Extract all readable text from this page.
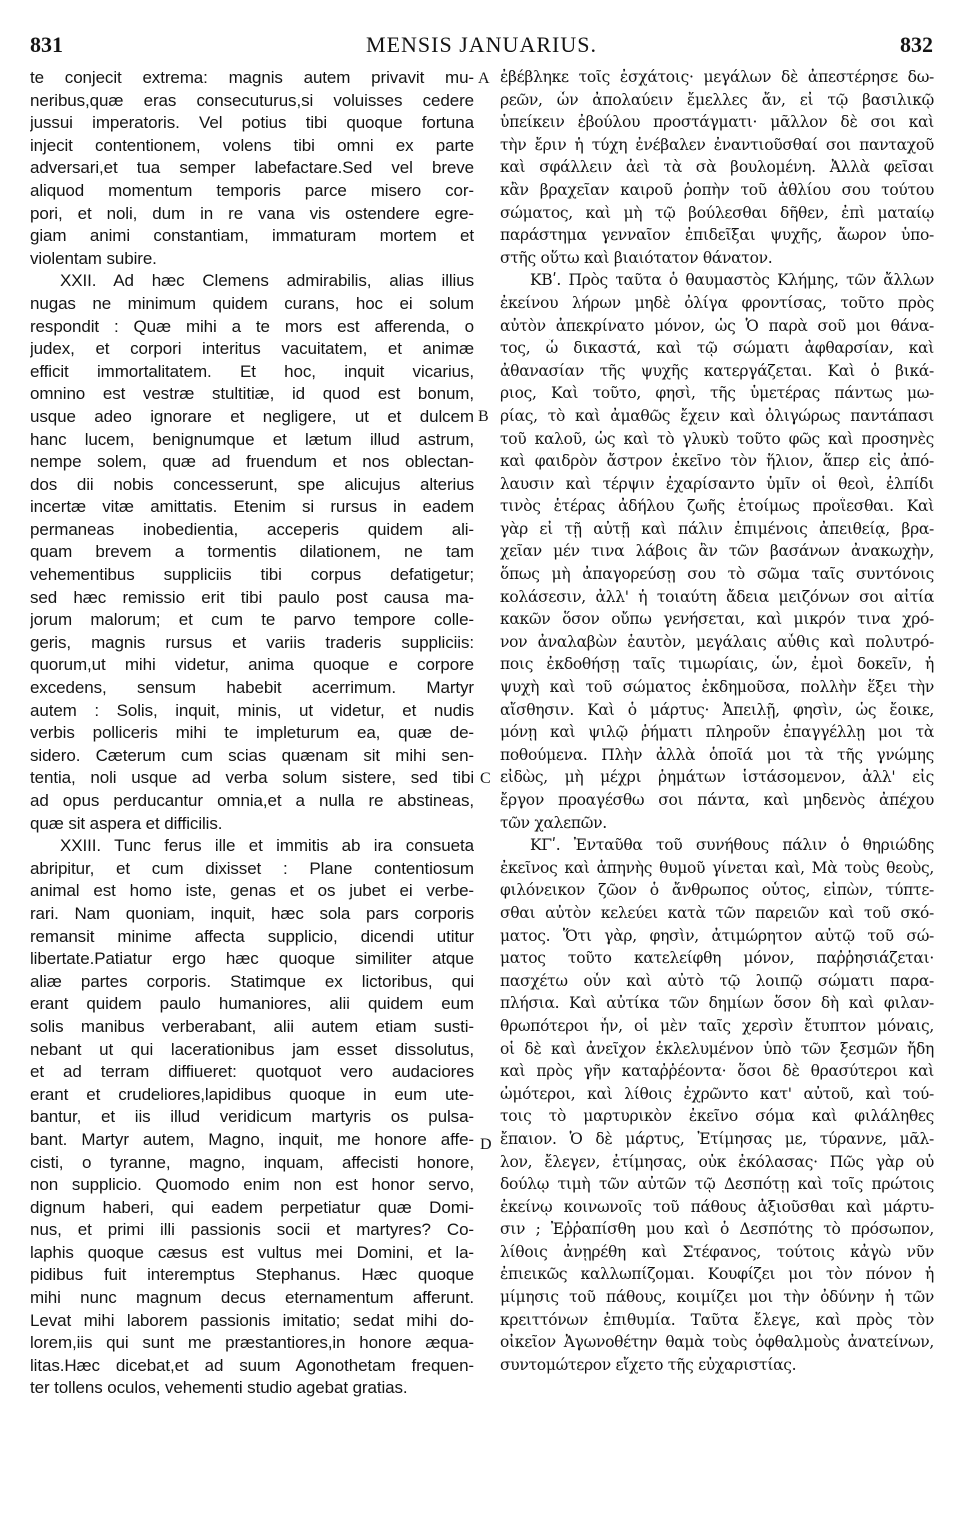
831	MENSIS JANUARIUS.	832
te conjecit extrema: magnis autem privavit mu-
neribus,quæ eras consecuturus,si voluisses cedere
jussui imperatoris. Vel potius tibi quoque fortuna
injecit contentionem, volens tibi omni ex parte
adversari,et tua semper labefactare.Sed vel breve
aliquod momentum temporis parce misero cor-
pori, et noli, dum in re vana vis ostendere egre-
giam animi constantiam, immaturam mortem et
violentam subire.
XXII. Ad hæc Clemens admirabilis, alias illius
nugas ne minimum quidem curans, hoc ei solum
respondit : Quæ mihi a te mors est afferenda, o
judex, et corpori interitus vacuitatem, et animæ
efficit immortalitatem. Et hoc, inquit vicarius,
omnino est vestræ stultitiæ, id quod est bonum,
usque adeo ignorare et negligere, ut et dulcem
hanc lucem, benignumque et lætum illud astrum,
nempe solem, quæ ad fruendum et nos oblectan-
dos dii nobis concesserunt, spe alicujus alterius
incertæ vitæ amittatis. Etenim si rursus in eadem
permaneas inobedientia, acceperis quidem ali-
quam brevem a tormentis dilationem, ne tam
vehementibus suppliciis tibi corpus defatigetur;
sed hæc remissio erit tibi paulo post causa ma-
jorum malorum; et cum te parvo tempore colle-
geris, magnis rursus et variis traderis suppliciis:
quorum,ut mihi videtur, anima quoque e corpore
excedens, sensum habebit acerrimum. Martyr
autem : Solis, inquit, minis, ut videtur, et nudis
verbis polliceris mihi te impleturum ea, quæ de-
sidero. Cæterum cum scias quænam sit mihi sen-
tentia, noli usque ad verba solum sistere, sed tibi
ad opus perducantur omnia,et a nulla re abstineas,
quæ sit aspera et difficilis.
XXIII. Tunc ferus ille et immitis ab ira consueta
abripitur, et cum dixisset : Plane contentiosum
animal est homo iste, genas et os jubet ei verbe-
rari. Nam quoniam, inquit, hæc sola pars corporis
remansit minime affecta supplicio, dicendi utitur
libertate.Patiatur ergo hæc quoque similiter atque
aliæ partes corporis. Statimque ex lictoribus, qui
erant quidem paulo humaniores, alii quidem eum
solis manibus verberabant, alii autem etiam susti-
nebant ut qui lacerationibus jam esset dissolutus,
et ad terram diffiueret: quotquot vero audaciores
erant et crudeliores,lapidibus quoque in eum ute-
bantur, et iis illud veridicum martyris os pulsa-
bant. Martyr autem, Magno, inquit, me honore affe-
cisti, o tyranne, magno, inquam, affecisti honore,
non supplicio. Quomodo enim non est honor servo,
dignum haberi, qui eadem perpetiatur quæ Domi-
nus, et primi illi passionis socii et martyres? Co-
laphis quoque cæsus est vultus mei Domini, et la-
pidibus fuit interemptus Stephanus. Hæc quoque
mihi nunc magnum decus eternamentum afferunt.
Levat mihi laborem passionis imitatio; sedat mihi do-
lorem,iis qui sunt me præstantiores,in honore æqua-
litas.Hæc dicebat,et ad suum Agonothetam frequen-
ter tollens oculos, vehementi studio agebat gratias.
ἐβέβληκε τοῖς ἐσχάτοις· μεγάλων δὲ ἀπεστέρησε δω-
ρεῶν, ὧν ἀπολαύειν ἔμελλες ἄν, εἰ τῷ βασιλικῷ
ὑπείκειν ἐβούλου προστάγματι· μᾶλλον δὲ σοι καὶ
τὴν ἔριν ἡ τύχη ἐνέβαλεν ἐναντιοῦσθαί σοι πανταχοῦ
καὶ σφάλλειν ἀεὶ τὰ σὰ βουλομένη. Ἀλλὰ φεῖσαι
κἂν βραχεῖαν καιροῦ ῥοπὴν τοῦ ἀθλίου σου τούτου
σώματος, καὶ μὴ τῷ βούλεσθαι δῆθεν, ἐπὶ ματαίῳ
παράστημα γενναῖον ἐπιδεῖξαι ψυχῆς, ἄωρον ὑπο-
στῆς οὕτω καὶ βιαιότατον θάνατον.
ΚΒʹ. Πρὸς ταῦτα ὁ θαυμαστὸς Κλήμης, τῶν ἄλλων
ἐκείνου λήρων μηδὲ ὀλίγα φροντίσας, τοῦτο πρὸς
αὐτὸν ἀπεκρίνατο μόνον, ὡς Ὁ παρὰ σοῦ μοι θάνα-
τος, ὦ δικαστά, καὶ τῷ σώματι ἀφθαρσίαν, καὶ
ἀθανασίαν τῆς ψυχῆς κατεργάζεται. Καὶ ὁ βικά-
ριος, Καὶ τοῦτο, φησὶ, τῆς ὑμετέρας πάντως μω-
ρίας, τὸ καὶ ἀμαθῶς ἔχειν καὶ ὀλιγώρως παντάπασι
τοῦ καλοῦ, ὡς καὶ τὸ γλυκὺ τοῦτο φῶς καὶ προσηνὲς
καὶ φαιδρὸν ἄστρον ἐκεῖνο τὸν ἥλιον, ἅπερ εἰς ἀπό-
λαυσιν καὶ τέρψιν ἐχαρίσαντο ὑμῖν οἱ θεοὶ, ἐλπίδι
τινὸς ἑτέρας ἀδήλου ζωῆς ἑτοίμως προΐεσθαι. Καὶ
γὰρ εἰ τῇ αὐτῇ καὶ πάλιν ἐπιμένοις ἀπειθείᾳ, βρα-
χεῖαν μέν τινα λάβοις ἂν τῶν βασάνων ἀνακωχὴν,
ὅπως μὴ ἀπαγορεύσῃ σου τὸ σῶμα ταῖς συντόνοις
κολάσεσιν, ἀλλ' ἡ τοιαύτη ἄδεια μειζόνων σοι αἰτία
κακῶν ὅσον οὔπω γενήσεται, καὶ μικρόν τινα χρό-
νον ἀναλαβὼν ἑαυτὸν, μεγάλαις αὖθις καὶ πολυτρό-
ποις ἐκδοθήσῃ ταῖς τιμωρίαις, ὧν, ἐμοὶ δοκεῖν, ἡ
ψυχὴ καὶ τοῦ σώματος ἐκδημοῦσα, πολλὴν ἕξει τὴν
αἴσθησιν. Καὶ ὁ μάρτυς· Ἀπειλῇ, φησὶν, ὡς ἔοικε,
μόνῃ καὶ ψιλῷ ῥήματι πληροῦν ἐπαγγέλλῃ μοι τὰ
ποθούμενα. Πλὴν ἀλλὰ ὁποῖά μοι τὰ τῆς γνώμης
εἰδὼς, μὴ μέχρι ῥημάτων ἱστάσομενον, ἀλλ' εἰς
ἔργον προαγέσθω σοι πάντα, καὶ μηδενὸς ἀπέχου
τῶν χαλεπῶν.
ΚΓʹ. Ἐνταῦθα τοῦ συνήθους πάλιν ὁ θηριώδης
ἐκεῖνος καὶ ἀπηνὴς θυμοῦ γίνεται καὶ, Μὰ τοὺς θεοὺς,
φιλόνεικον ζῶον ὁ ἄνθρωπος οὗτος, εἰπὼν, τύπτε-
σθαι αὐτὸν κελεύει κατὰ τῶν παρειῶν καὶ τοῦ σκό-
ματος. Ὅτι γὰρ, φησὶν, ἀτιμώρητον αὐτῷ τοῦ σώ-
ματος τοῦτο κατελείφθη μόνον, παῤῥησιάζεται·
πασχέτω οὖν καὶ αὐτὸ τῷ λοιπῷ σώματι παρα-
πλήσια. Καὶ αὐτίκα τῶν δημίων ὅσον δὴ καὶ φιλαν-
θρωπότεροι ἦν, οἱ μὲν ταῖς χερσὶν ἔτυπτον μόναις,
οἱ δὲ καὶ ἀνεῖχον ἐκλελυμένον ὑπὸ τῶν ξεσμῶν ἤδη
καὶ πρὸς γῆν καταῤῥέοντα· ὅσοι δὲ θρασύτεροι καὶ
ὠμότεροι, καὶ λίθοις ἐχρῶντο κατ' αὐτοῦ, καὶ τού-
τοις τὸ μαρτυρικὸν ἐκεῖνο σόμα καὶ φιλάληθες
ἔπαιον. Ὁ δὲ μάρτυς, Ἐτίμησας με, τύραννε, μᾶλ-
λον, ἔλεγεν, ἐτίμησας, οὐκ ἐκόλασας· Πῶς γὰρ οὐ
δούλῳ τιμὴ τῶν αὐτῶν τῷ Δεσπότῃ καὶ τοῖς πρώτοις
ἐκείνῳ κοινωνοῖς τοῦ πάθους ἀξιοῦσθαι καὶ μάρτυ-
σιν ; Ἐῤῥαπίσθη μου καὶ ὁ Δεσπότης τὸ πρόσωπον,
λίθοις ἀνῃρέθη καὶ Στέφανος, τούτοις κἀγὼ νῦν
ἐπιεικῶς καλλωπίζομαι. Κουφίζει μοι τὸν πόνον ἡ
μίμησις τοῦ πάθους, κοιμίζει μοι τὴν ὀδύνην ἡ τῶν
κρειττόνων ἐπιθυμία. Ταῦτα ἔλεγε, καὶ πρὸς τὸν
οἰκεῖον Ἀγωνοθέτην θαμὰ τοὺς ὀφθαλμοὺς ἀνατείνων,
συντομώτερον εἴχετο τῆς εὐχαριστίας.
A
B
C
D
